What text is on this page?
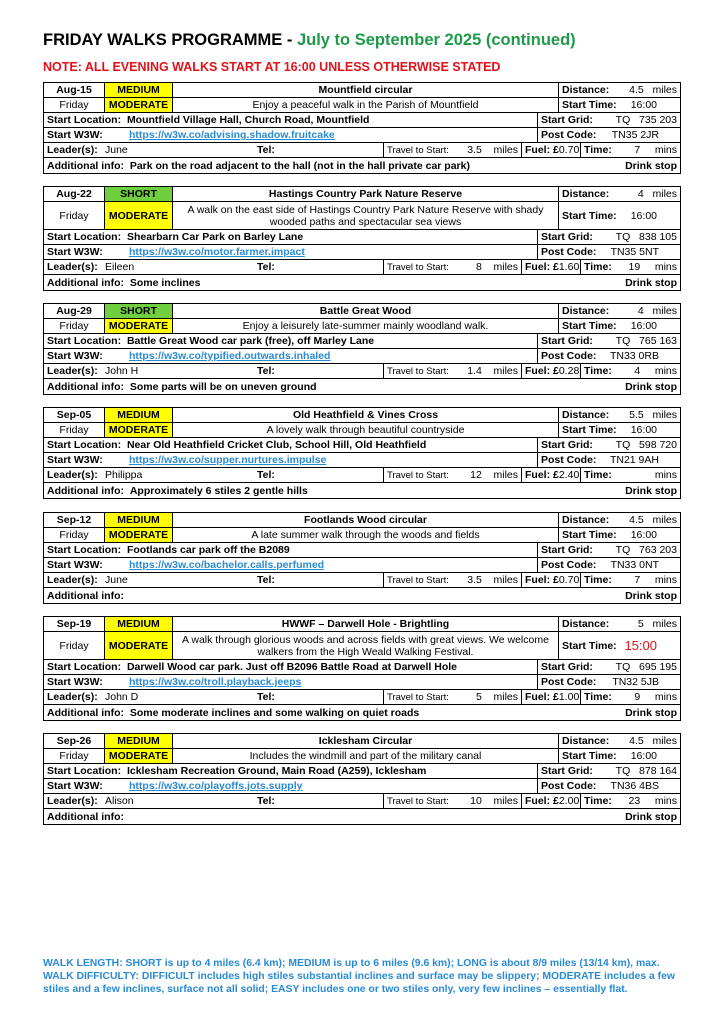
FRIDAY WALKS PROGRAMME - July to September 2025 (continued)
NOTE: ALL EVENING WALKS START AT 16:00 UNLESS OTHERWISE STATED
Aug-15	MEDIUM	Mountfield circular	Distance: 4.5 miles
Friday	MODERATE	Enjoy a peaceful walk in the Parish of Mountfield	Start Time: 16:00
Start Location:
Mountfield Village Hall, Church Road, Mountfield	Start Grid: TQ 735 203
Start W3W:	https://w3w.co/advising.shadow.fruitcake	Post Code: TN35 2JR
Leader(s): June	Tel:	Travel to Start: 3.5 miles Fuel: £ 0.70 Time: 7 mins
Additional info:
Park on the road adjacent to the hall (not in the hall private car park)	Drink stop
Aug-22	SHORT	Hastings Country Park Nature Reserve	Distance:	4 miles
Friday	MODERATE	A walk on the east side of Hastings Country Park Nature Reserve with shady wooded paths and spectacular sea views	Start Time: 16:00
Start Location:
Shearbarn Car Park on Barley Lane	Start Grid: TQ 838 105
Start W3W:	https://w3w.co/motor.farmer.impact	Post Code: TN35 5NT
Leader(s): Eileen	Tel:	Travel to Start:	8 miles Fuel: £ 1.60 Time: 19 mins
Additional info:
Some inclines	Drink stop
Aug-29	SHORT	Battle Great Wood	Distance:	4 miles
Friday	MODERATE	Enjoy a leisurely late-summer mainly woodland walk.	Start Time: 16:00
Start Location:
Battle Great Wood car park (free), off Marley Lane	Start Grid: TQ 765 163
Start W3W:	https://w3w.co/typified.outwards.inhaled	Post Code: TN33 0RB
Leader(s): John H	Tel:	Travel to Start: 1.4 miles Fuel: £ 0.28 Time: 4 mins
Additional info:
Some parts will be on uneven ground	Drink stop
Sep-05	MEDIUM	Old Heathfield & Vines Cross	Distance: 5.5 miles
Friday	MODERATE	A lovely walk through beautiful countryside	Start Time: 16:00
Start Location:
Near Old Heathfield Cricket Club, School Hill, Old Heathfield	Start Grid: TQ 598 720
Start W3W:	https://w3w.co/supper.nurtures.impulse	Post Code: TN21 9AH
Leader(s): Philippa	Tel:	Travel to Start: 12 miles Fuel: £ 2.40 Time:	mins
Additional info:
Approximately 6 stiles 2 gentle hills	Drink stop
Sep-12	MEDIUM	Footlands Wood circular	Distance: 4.5 miles
Friday	MODERATE	A late summer walk through the woods and fields	Start Time: 16:00
Start Location:
Footlands car park off the B2089	Start Grid: TQ 763 203
Start W3W:	https://w3w.co/bachelor.calls.perfumed	Post Code: TN33 0NT
Leader(s): June	Tel:	Travel to Start: 3.5 miles Fuel: £ 0.70 Time: 7 mins
Additional info:
	Drink stop
Sep-19	MEDIUM	HWWF – Darwell Hole - Brightling	Distance:	5 miles
Friday	MODERATE	A walk through glorious woods and across fields with great views. We welcome walkers from the High Weald Walking Festival.	Start Time: 15:00
Start Location:
Darwell Wood car park. Just off B2096 Battle Road at Darwell Hole	Start Grid: TQ 695 195
Start W3W:	https://w3w.co/troll.playback.jeeps	Post Code: TN32 5JB
Leader(s): John D	Tel:	Travel to Start:	5 miles Fuel: £ 1.00 Time: 9 mins
Additional info:
Some moderate inclines and some walking on quiet roads	Drink stop
Sep-26	MEDIUM	Icklesham Circular	Distance: 4.5 miles
Friday	MODERATE	Includes the windmill and part of the military canal	Start Time: 16:00
Start Location:
Icklesham Recreation Ground, Main Road (A259), Icklesham	Start Grid: TQ 878 164
Start W3W:	https://w3w.co/playoffs.jots.supply	Post Code: TN36 4BS
Leader(s): Alison	Tel:	Travel to Start: 10 miles Fuel: £ 2.00 Time: 23 mins
Additional info:
	Drink stop
WALK LENGTH: SHORT is up to 4 miles (6.4 km); MEDIUM is up to 6 miles (9.6 km); LONG is about 8/9 miles (13/14 km), max.
WALK DIFFICULTY: DIFFICULT includes high stiles substantial inclines and surface may be slippery; MODERATE includes a few stiles and a few inclines, surface not all solid; EASY includes one or two stiles only, very few inclines – essentially flat.
